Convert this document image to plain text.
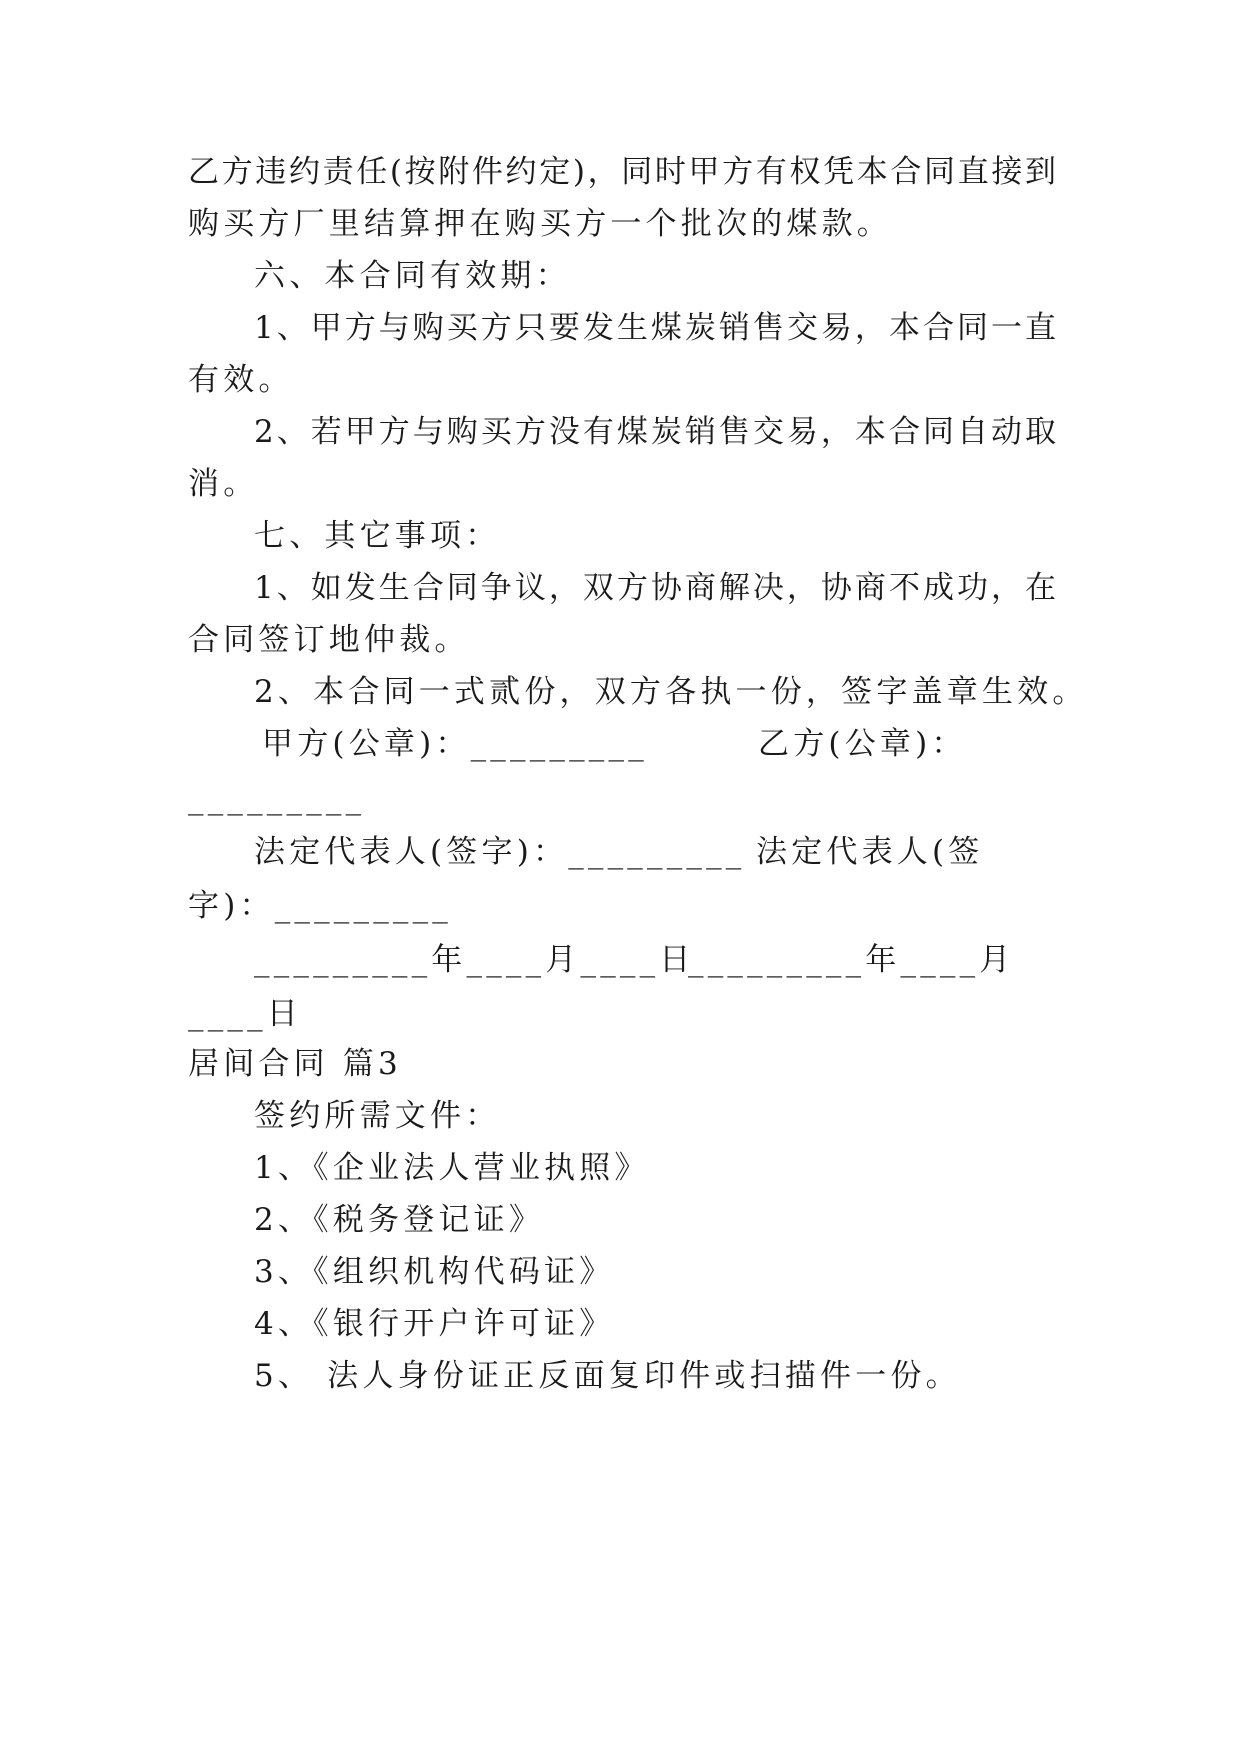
乙方违约责任(按附件约定)，同时甲方有权凭本合同直接到
购买方厂里结算押在购买方一个批次的煤款。
六、本合同有效期：
1、甲方与购买方只要发生煤炭销售交易，本合同一直
有效。
2、若甲方与购买方没有煤炭销售交易，本合同自动取
消。
七、其它事项：
1、如发生合同争议，双方协商解决，协商不成功，在
合同签订地仲裁。
2、本合同一式贰份，双方各执一份，签字盖章生效。
甲方(公章)：_________	乙方(公章)：
_________
法定代表人(签字)：_________ 法定代表人(签
字)：_________
_________年____月____日
_________年____月
____日
居间合同 篇3
签约所需文件：
1、《企业法人营业执照》
2、《税务登记证》
3、《组织机构代码证》
4、《银行开户许可证》
5、 法人身份证正反面复印件或扫描件一份。
